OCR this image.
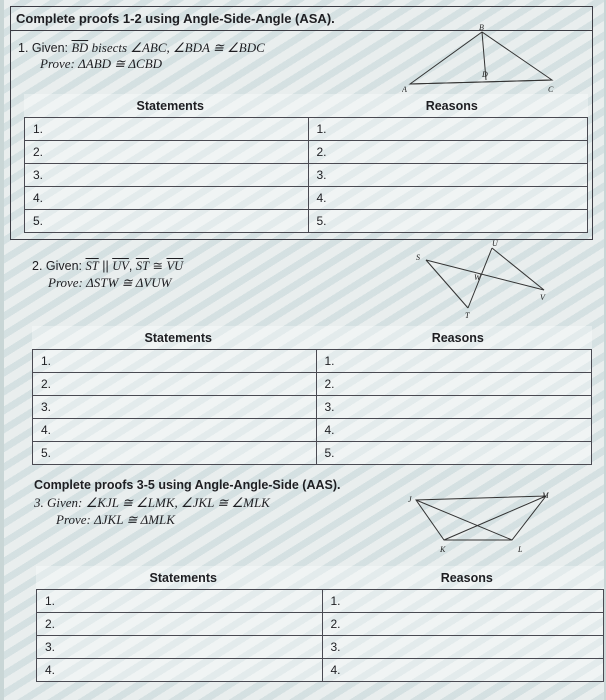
Complete proofs 1-2 using Angle-Side-Angle (ASA).
1. Given: $\overline{BD}$ bisects ∠ABC, ∠BDA ≅ ∠BDC
Prove: ΔABD ≅ ΔCBD
A
B
C
D
Statements	Reasons
1.	1.
2.	2.
3.	3.
4.	4.
5.	5.
2. Given: $\overline{ST}$ || $\overline{UV}$, $\overline{ST}$ ≅ $\overline{VU}$
Prove: ΔSTW ≅ ΔVUW
S
T
U
V
W
Statements	Reasons
1.	1.
2.	2.
3.	3.
4.	4.
5.	5.
Complete proofs 3-5 using Angle-Angle-Side (AAS).
3. Given: ∠KJL ≅ ∠LMK, ∠JKL ≅ ∠MLK
Prove: ΔJKL ≅ ΔMLK
J
K	L
M
Statements	Reasons
1.	1.
2.	2.
3.	3.
4.	4.
